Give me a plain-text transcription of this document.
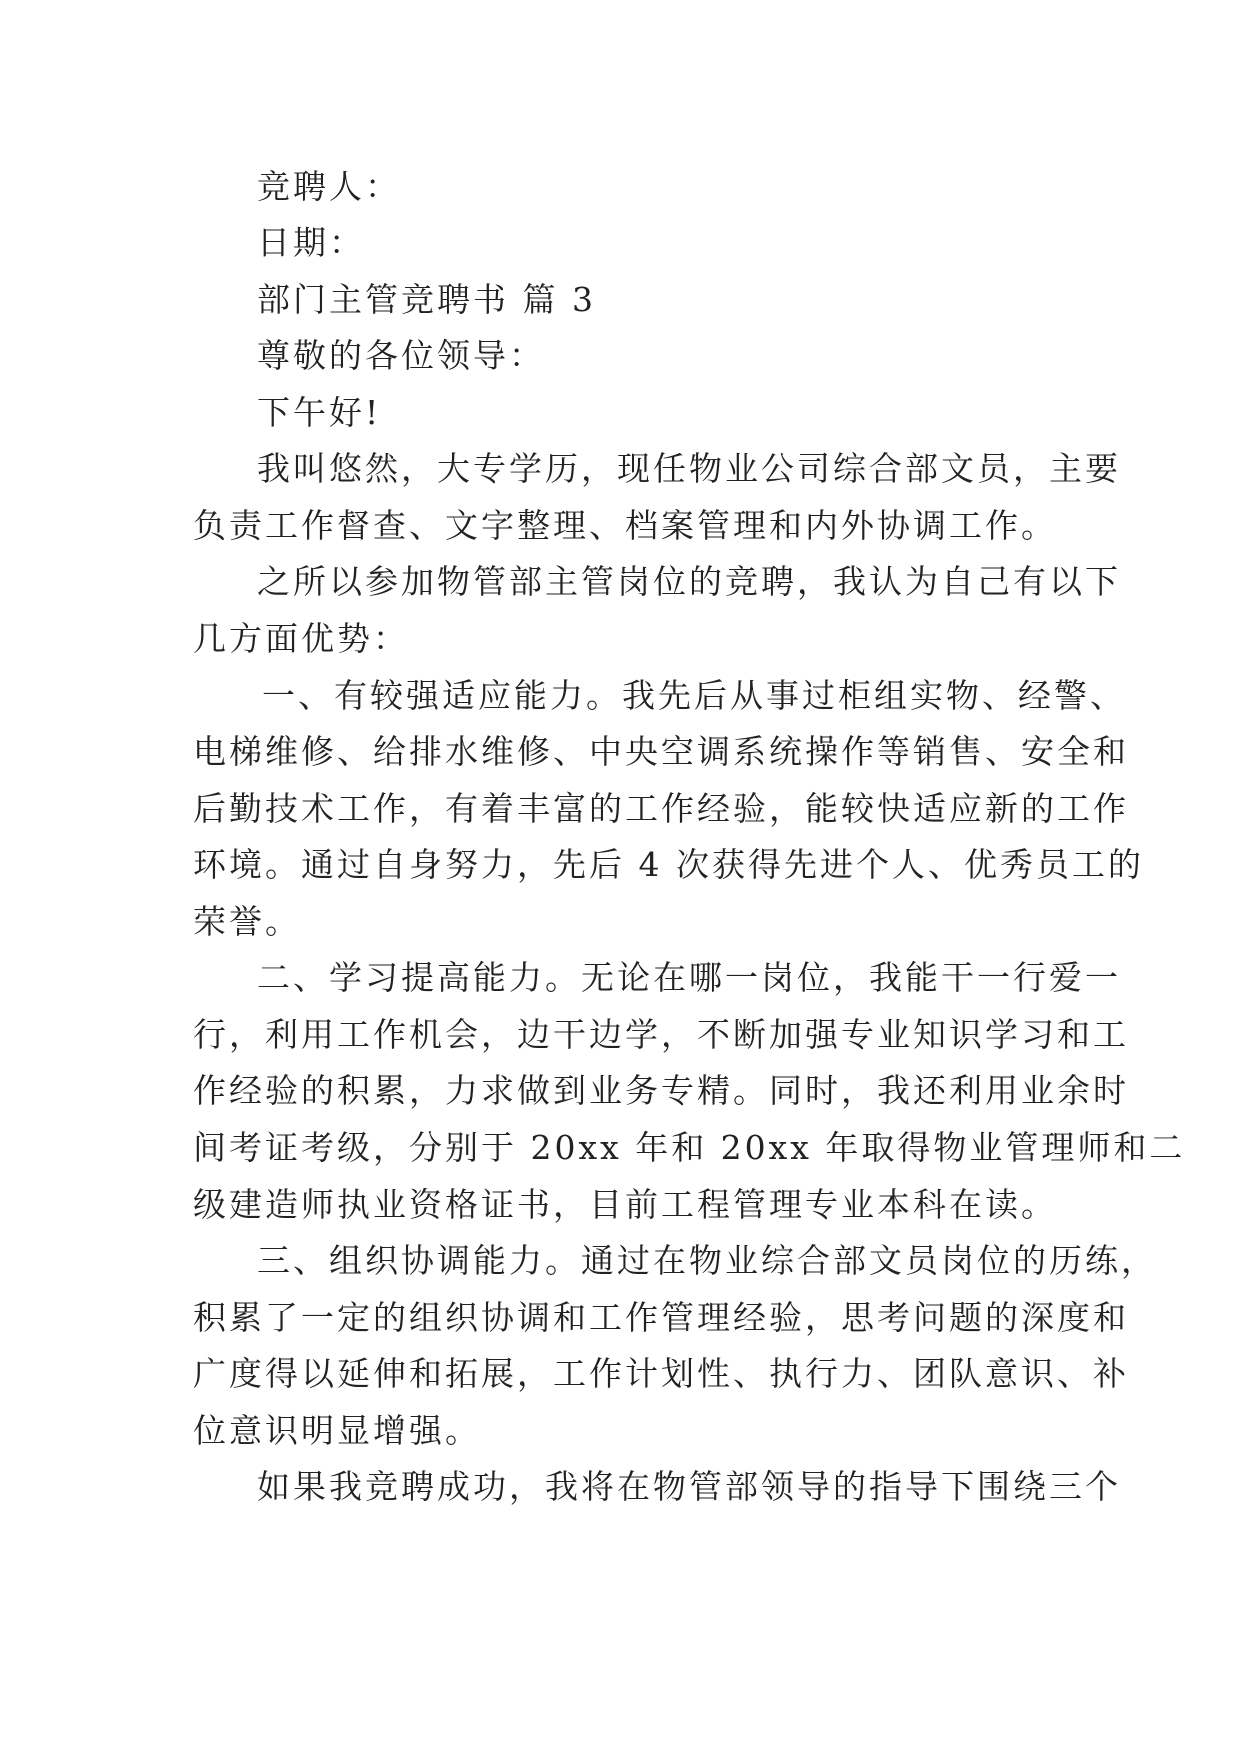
竞聘人：
日期：
部门主管竞聘书 篇 3
尊敬的各位领导：
下午好!
我叫悠然，大专学历，现任物业公司综合部文员，主要
负责工作督查、文字整理、档案管理和内外协调工作。
之所以参加物管部主管岗位的竞聘，我认为自己有以下
几方面优势：
一、有较强适应能力。我先后从事过柜组实物、经警、
电梯维修、给排水维修、中央空调系统操作等销售、安全和
后勤技术工作，有着丰富的工作经验，能较快适应新的工作
环境。通过自身努力，先后 4 次获得先进个人、优秀员工的
荣誉。
二、学习提高能力。无论在哪一岗位，我能干一行爱一
行，利用工作机会，边干边学，不断加强专业知识学习和工
作经验的积累，力求做到业务专精。同时，我还利用业余时
间考证考级，分别于 20xx 年和 20xx 年取得物业管理师和二
级建造师执业资格证书，目前工程管理专业本科在读。
三、组织协调能力。通过在物业综合部文员岗位的历练，
积累了一定的组织协调和工作管理经验，思考问题的深度和
广度得以延伸和拓展，工作计划性、执行力、团队意识、补
位意识明显增强。
如果我竞聘成功，我将在物管部领导的指导下围绕三个
